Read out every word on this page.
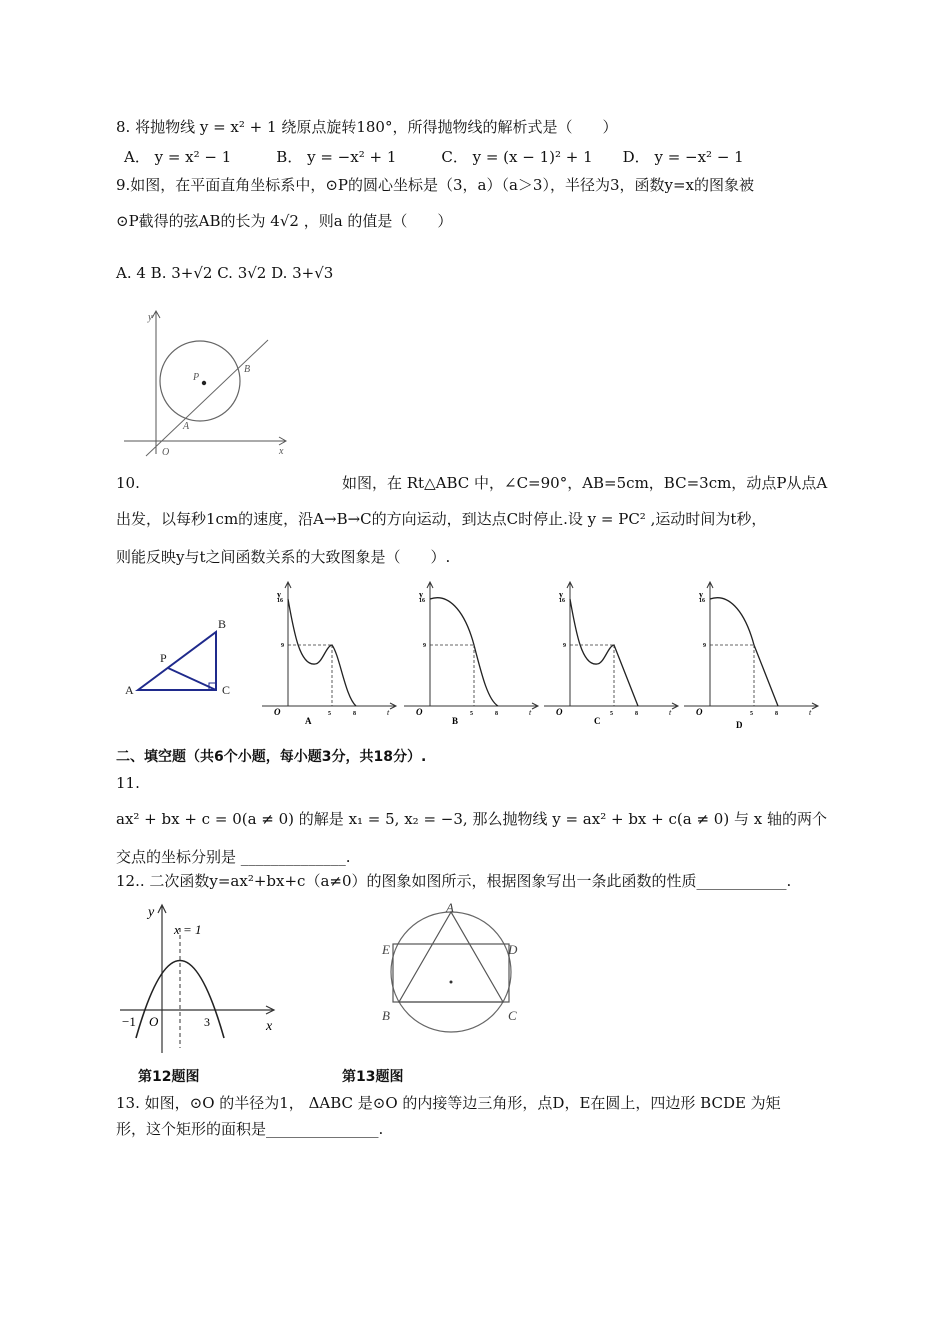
8. 将抛物线 y = x² + 1 绕原点旋转180°，所得抛物线的解析式是（　　）
A． y = x² − 1　　　B． y = −x² + 1　　　C． y = (x − 1)² + 1　　D． y = −x² − 1
9.如图，在平面直角坐标系中，⊙P的圆心坐标是（3，a）（a＞3），半径为3，函数y=x的图象被
⊙P截得的弦AB的长为 4√2 ，则a 的值是（　　）
A. 4 B. 3+√2 C. 3√2 D. 3+√3
y
x
O
P
A
B
10.	如图，在 Rt△ABC 中，∠C=90°，AB=5cm，BC=3cm，动点P从点A
出发，以每秒1cm的速度，沿A→B→C的方向运动，到达点C时停止.设 y = PC² ,运动时间为t秒，
则能反映y与t之间函数关系的大致图象是（　　）.
A
B
C
P
y
16
9
5	8	t
O
A
y
16
9
5	8	t
O
B
y
16
9
5	8	t
O
C
y
16
9
5	8	t
O
D
二、填空题（共6个小题，每小题3分，共18分）.
11.
ax² + bx + c = 0(a ≠ 0) 的解是 x₁ = 5, x₂ = −3, 那么抛物线 y = ax² + bx + c(a ≠ 0) 与 x 轴的两个
交点的坐标分别是 ______________.
12.. 二次函数y=ax²+bx+c（a≠0）的图象如图所示，根据图象写出一条此函数的性质____________.
y
x
x = 1
−1 O	3
第12题图
A
B	C
D
E
第13题图
13. 如图，⊙O 的半径为1， ΔABC 是⊙O 的内接等边三角形，点D，E在圆上，四边形 BCDE 为矩
形，这个矩形的面积是_______________.
